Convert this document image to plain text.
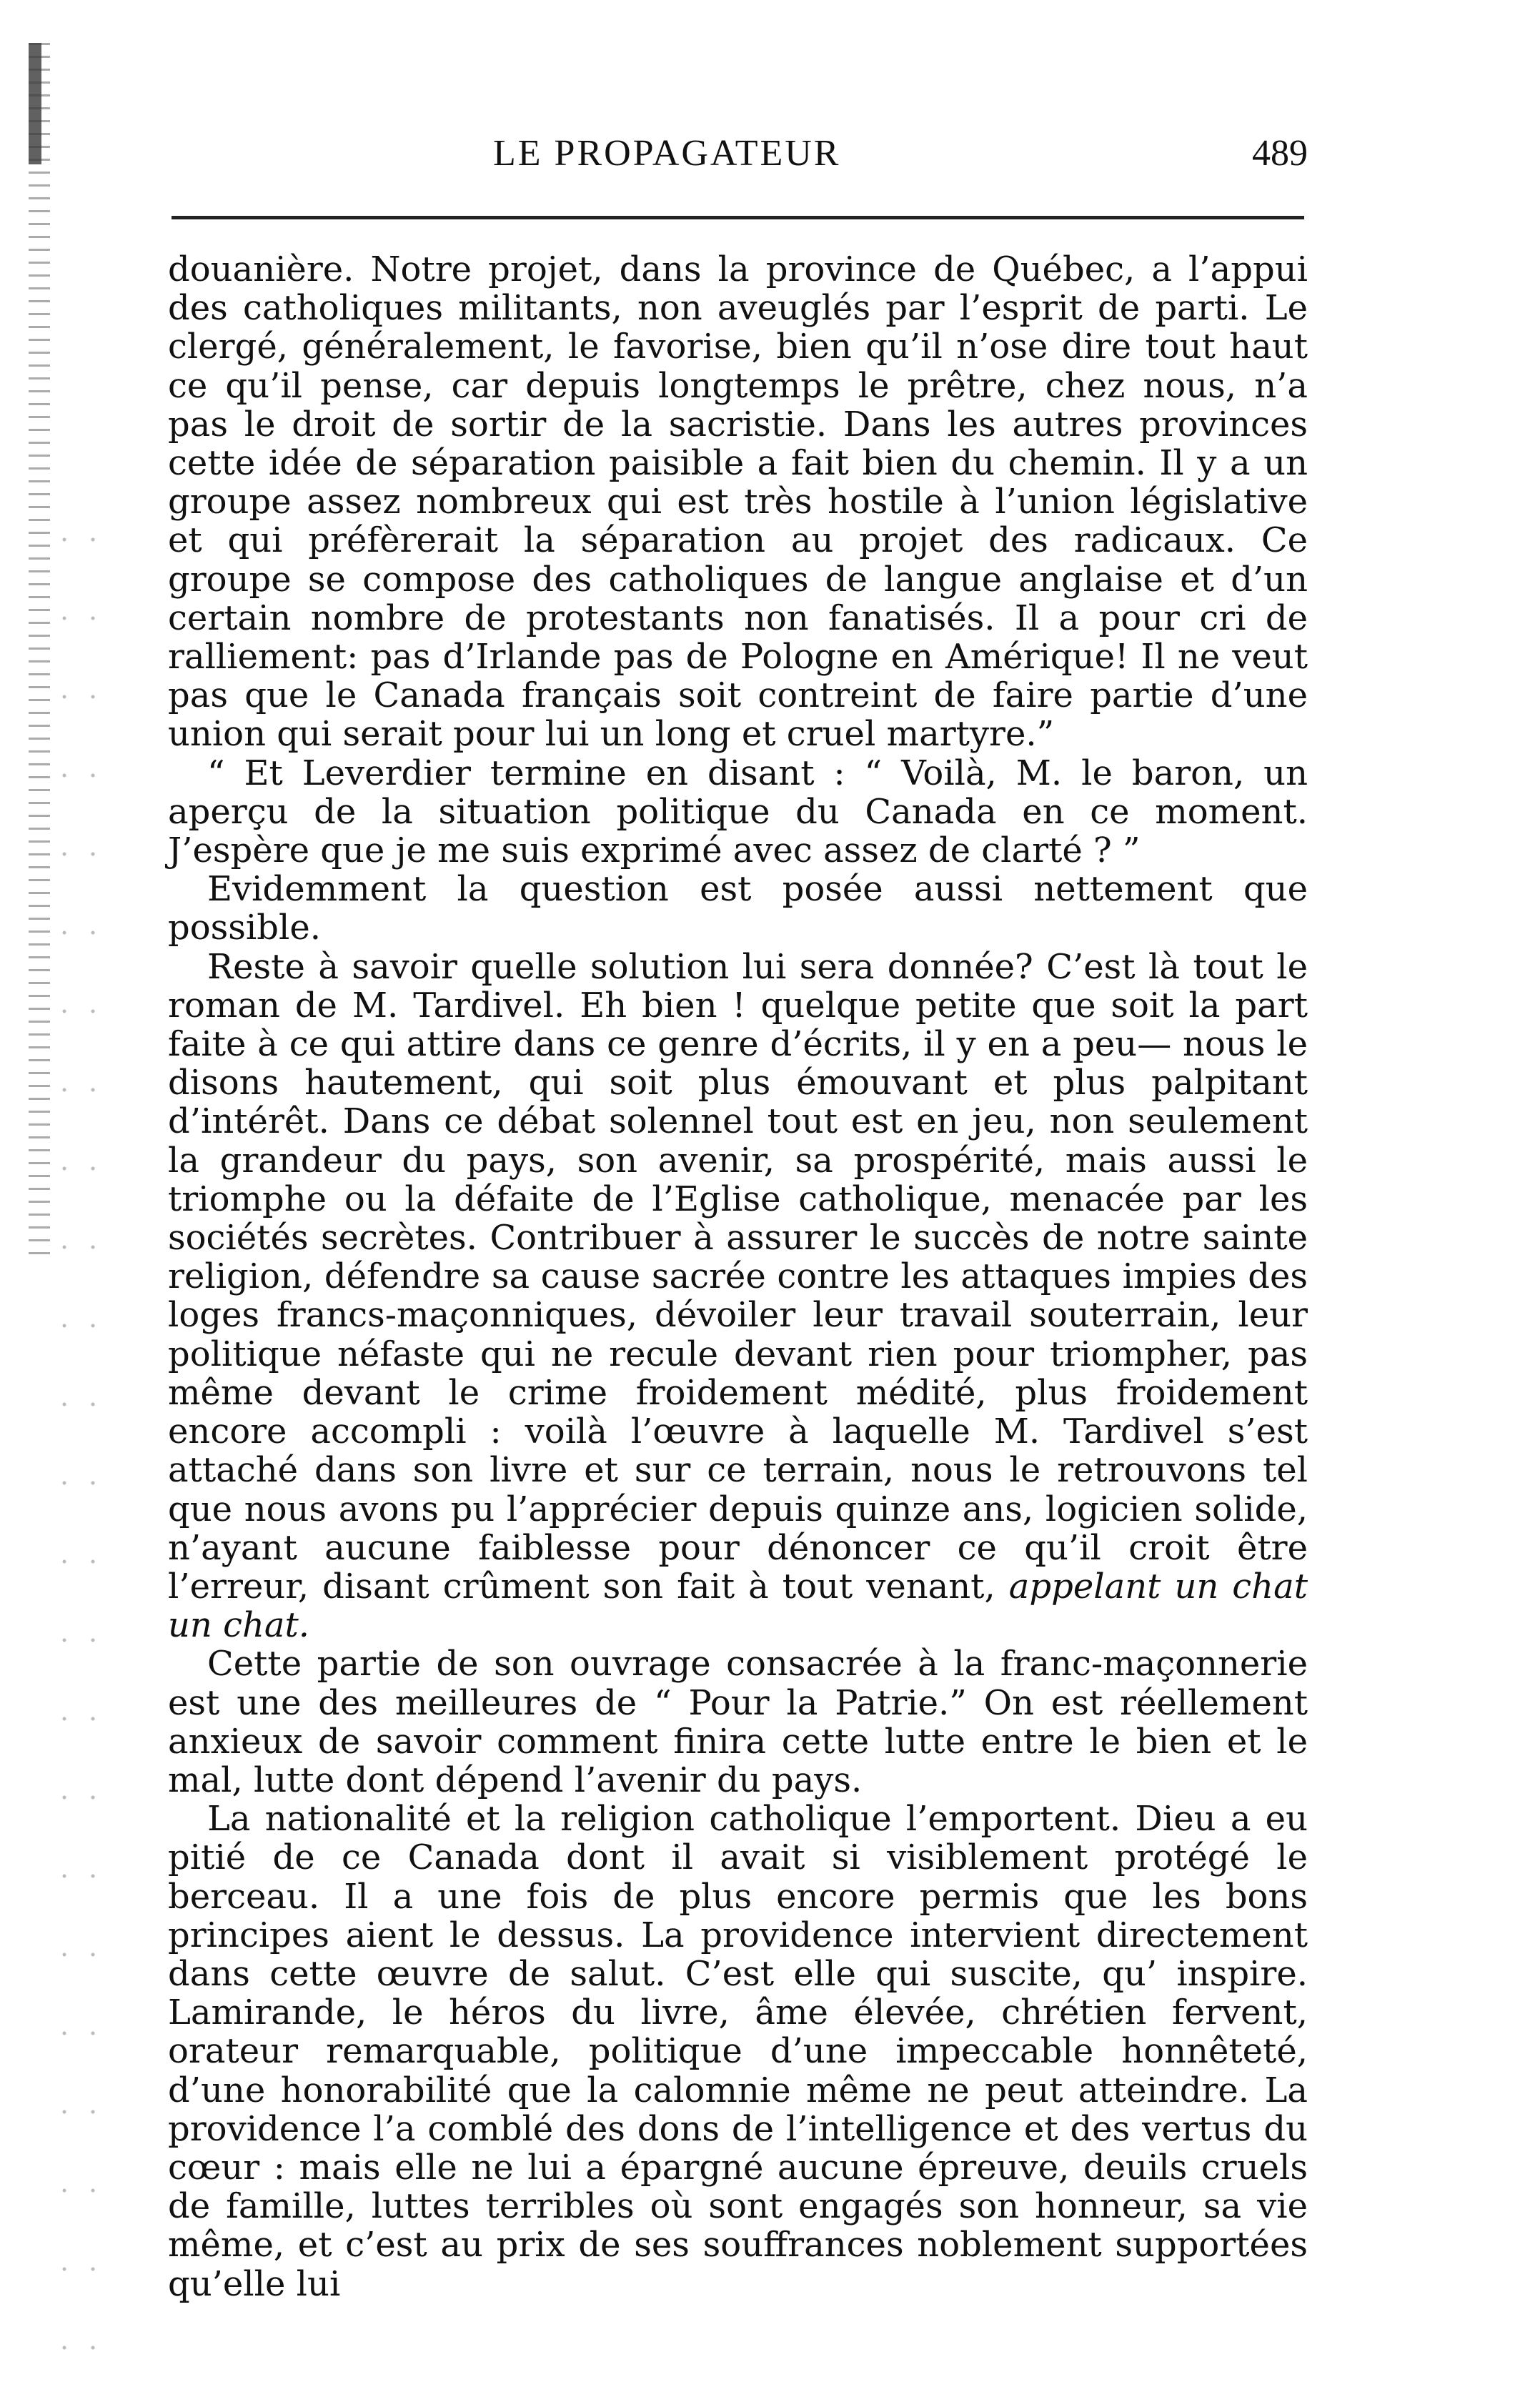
LE PROPAGATEUR	489

douanière. Notre projet, dans la province de Québec, a l’appui des catholiques militants, non aveuglés par l’esprit de parti. Le clergé, généralement, le favorise, bien qu’il n’ose dire tout haut ce qu’il pense, car depuis longtemps le prêtre, chez nous, n’a pas le droit de sortir de la sacristie. Dans les autres provinces cette idée de séparation paisible a fait bien du chemin. Il y a un groupe assez nombreux qui est très hostile à l’union législative et qui préfèrerait la séparation au projet des radicaux. Ce groupe se compose des catholiques de langue anglaise et d’un certain nombre de protestants non fanatisés. Il a pour cri de ralliement: pas d’Irlande pas de Pologne en Amérique! Il ne veut pas que le Canada français soit contreint de faire partie d’une union qui serait pour lui un long et cruel martyre.”

“ Et Leverdier termine en disant : “ Voilà, M. le baron, un aperçu de la situation politique du Canada en ce moment. J’espère que je me suis exprimé avec assez de clarté ? ”

Evidemment la question est posée aussi nettement que possible.

Reste à savoir quelle solution lui sera donnée? C’est là tout le roman de M. Tardivel. Eh bien ! quelque petite que soit la part faite à ce qui attire dans ce genre d’écrits, il y en a peu— nous le disons hautement, qui soit plus émouvant et plus palpitant d’intérêt. Dans ce débat solennel tout est en jeu, non seulement la grandeur du pays, son avenir, sa prospérité, mais aussi le triomphe ou la défaite de l’Eglise catholique, menacée par les sociétés secrètes. Contribuer à assurer le succès de notre sainte religion, défendre sa cause sacrée contre les attaques impies des loges francs-maçonniques, dévoiler leur travail souterrain, leur politique néfaste qui ne recule devant rien pour triompher, pas même devant le crime froidement médité, plus froidement encore accompli : voilà l’œuvre à laquelle M. Tardivel s’est attaché dans son livre et sur ce terrain, nous le retrouvons tel que nous avons pu l’apprécier depuis quinze ans, logicien solide, n’ayant aucune faiblesse pour dénoncer ce qu’il croit être l’erreur, disant crûment son fait à tout venant, appelant un chat un chat.

Cette partie de son ouvrage consacrée à la franc-maçonnerie est une des meilleures de “ Pour la Patrie.” On est réellement anxieux de savoir comment finira cette lutte entre le bien et le mal, lutte dont dépend l’avenir du pays.

La nationalité et la religion catholique l’emportent. Dieu a eu pitié de ce Canada dont il avait si visiblement protégé le berceau. Il a une fois de plus encore permis que les bons principes aient le dessus. La providence intervient directement dans cette œuvre de salut. C’est elle qui suscite, qu’ inspire. Lamirande, le héros du livre, âme élevée, chrétien fervent, orateur remarquable, politique d’une impeccable honnêteté, d’une honorabilité que la calomnie même ne peut atteindre. La providence l’a comblé des dons de l’intelligence et des vertus du cœur : mais elle ne lui a épargné aucune épreuve, deuils cruels de famille, luttes terribles où sont engagés son honneur, sa vie même, et c’est au prix de ses souffrances noblement supportées qu’elle lui
